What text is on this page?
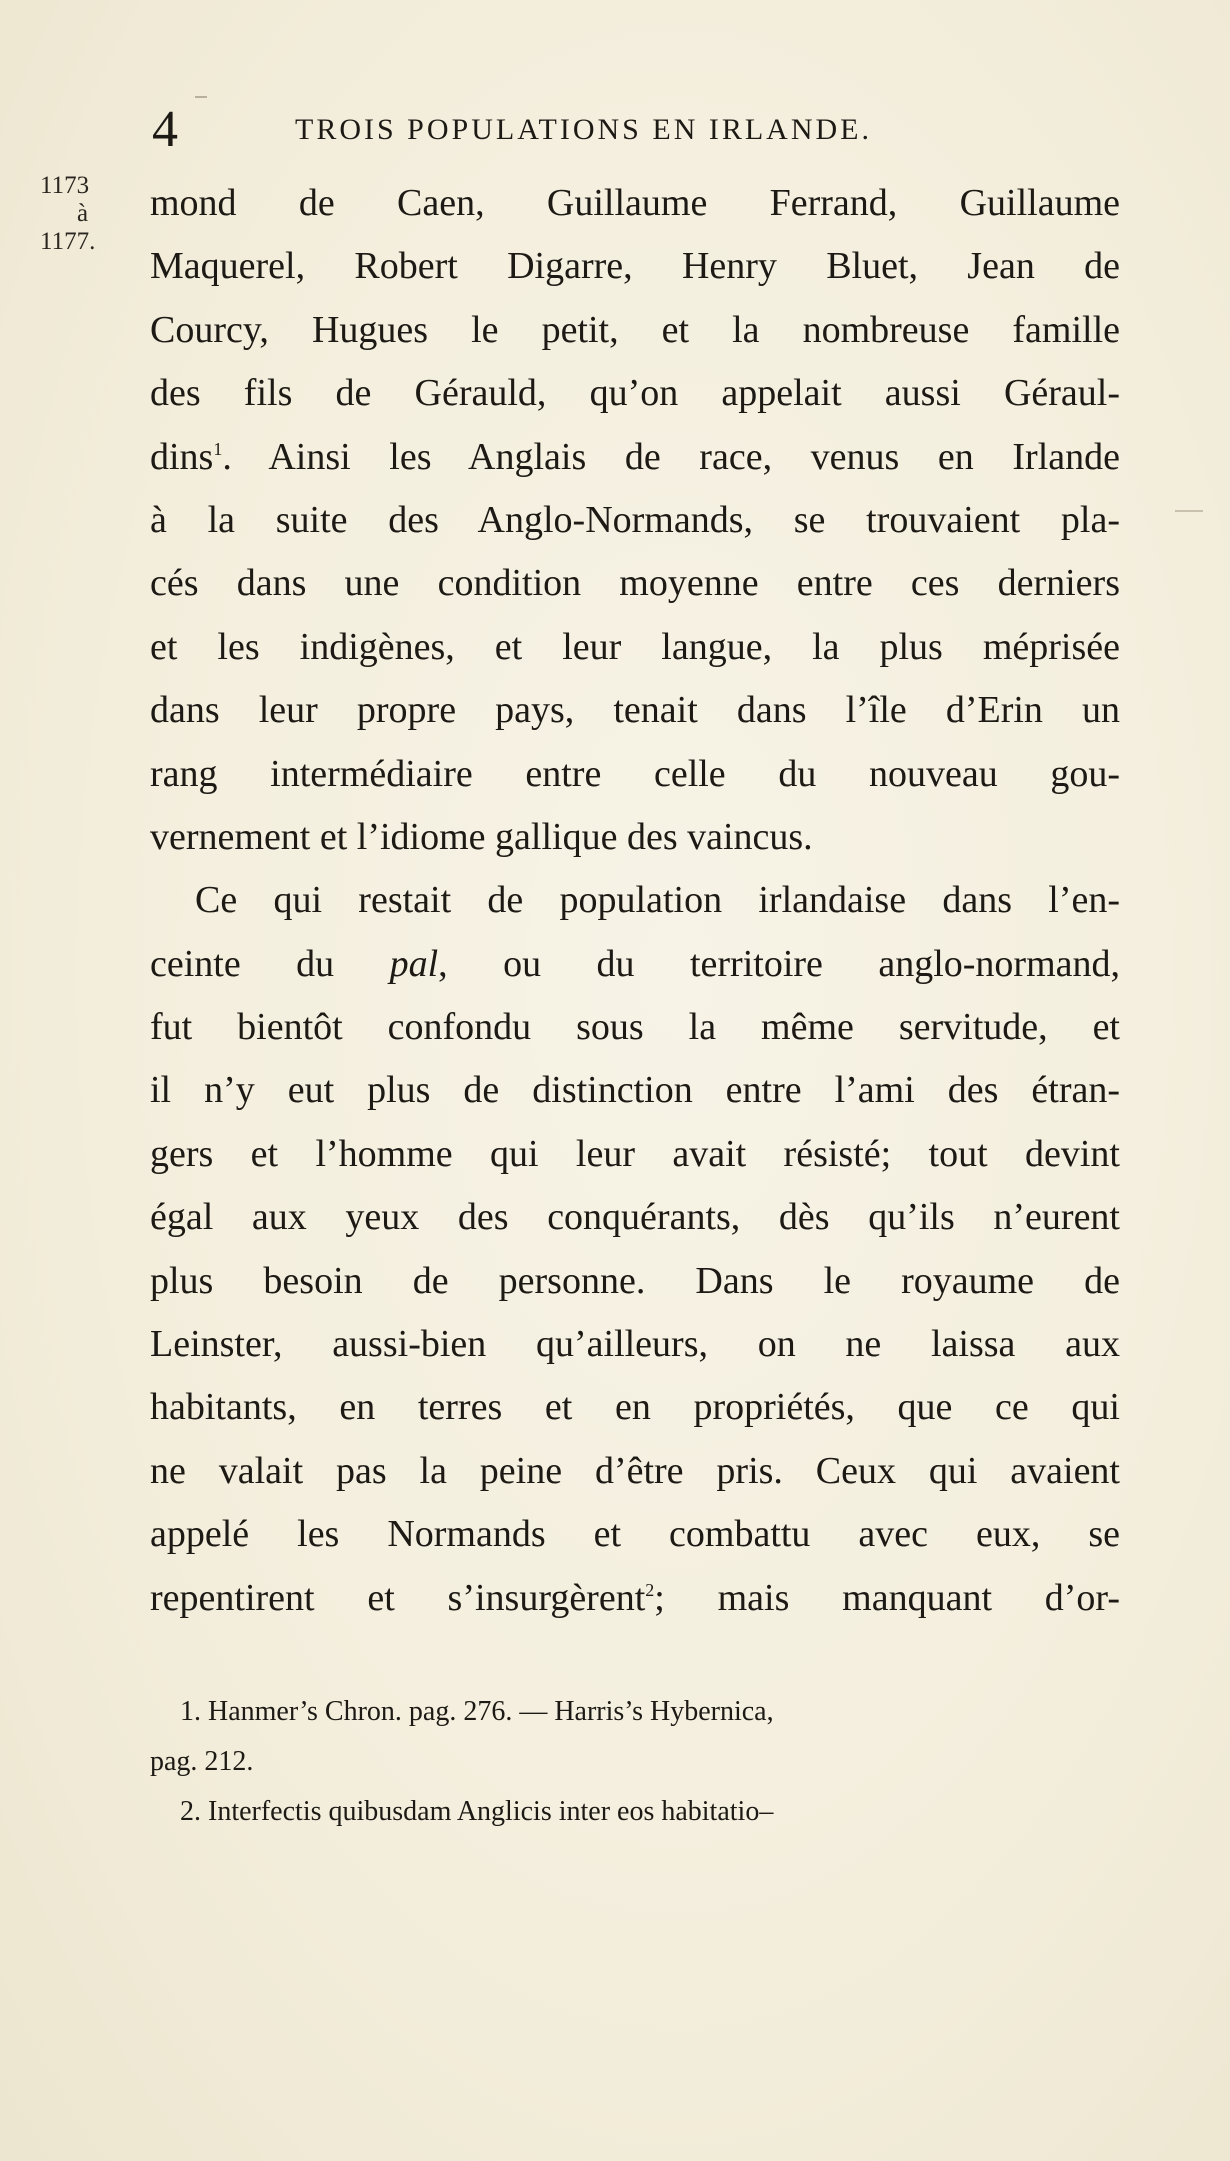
4	TROIS POPULATIONS EN IRLANDE.
1173
à
1177.
mond de Caen, Guillaume Ferrand, Guillaume
Maquerel, Robert Digarre, Henry Bluet, Jean de
Courcy, Hugues le petit, et la nombreuse famille
des fils de Gérauld, qu’on appelait aussi Géraul-
dins$^1$. Ainsi les Anglais de race, venus en Irlande
à la suite des Anglo-Normands, se trouvaient pla-
cés dans une condition moyenne entre ces derniers
et les indigènes, et leur langue, la plus méprisée
dans leur propre pays, tenait dans l’île d’Erin un
rang intermédiaire entre celle du nouveau gou-
vernement et l’idiome gallique des vaincus.
Ce qui restait de population irlandaise dans l’en-
ceinte du pal, ou du territoire anglo-normand,
fut bientôt confondu sous la même servitude, et
il n’y eut plus de distinction entre l’ami des étran-
gers et l’homme qui leur avait résisté; tout devint
égal aux yeux des conquérants, dès qu’ils n’eurent
plus besoin de personne. Dans le royaume de
Leinster, aussi-bien qu’ailleurs, on ne laissa aux
habitants, en terres et en propriétés, que ce qui
ne valait pas la peine d’être pris. Ceux qui avaient
appelé les Normands et combattu avec eux, se
repentirent et s’insurgèrent$^2$; mais manquant d’or-
1. Hanmer’s Chron. pag. 276. — Harris’s Hybernica,
pag. 212.
2. Interfectis quibusdam Anglicis inter eos habitatio–
